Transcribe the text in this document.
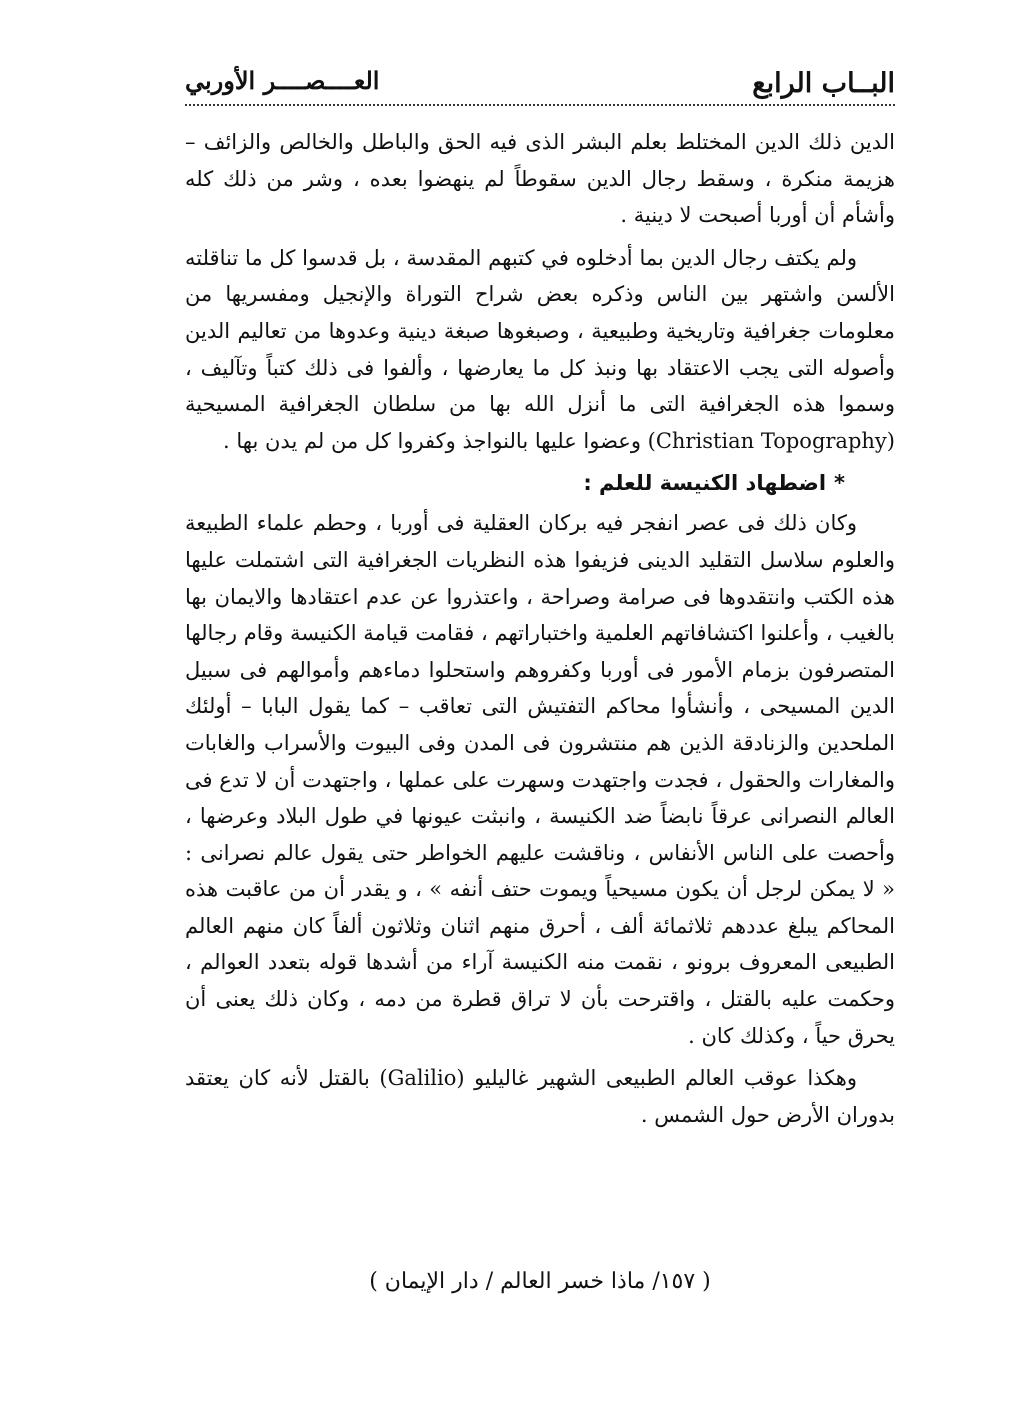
البــاب الرابع
العــــصــــر الأوربي

الدين ذلك الدين المختلط بعلم البشر الذى فيه الحق والباطل والخالص والزائف – هزيمة منكرة ، وسقط رجال الدين سقوطاً لم ينهضوا بعده ، وشر من ذلك كله وأشأم أن أوربا أصبحت لا دينية .

ولم يكتف رجال الدين بما أدخلوه في كتبهم المقدسة ، بل قدسوا كل ما تناقلته الألسن واشتهر بين الناس وذكره بعض شراح التوراة والإنجيل ومفسريها من معلومات جغرافية وتاريخية وطبيعية ، وصبغوها صبغة دينية وعدوها من تعاليم الدين وأصوله التى يجب الاعتقاد بها ونبذ كل ما يعارضها ، وألفوا فى ذلك كتباً وتآليف ، وسموا هذه الجغرافية التى ما أنزل الله بها من سلطان الجغرافية المسيحية (Christian Topography) وعضوا عليها بالنواجذ وكفروا كل من لم يدن بها .

*اضطهاد الكنيسة للعلم :

وكان ذلك فى عصر انفجر فيه بركان العقلية فى أوربا ، وحطم علماء الطبيعة والعلوم سلاسل التقليد الدينى فزيفوا هذه النظريات الجغرافية التى اشتملت عليها هذه الكتب وانتقدوها فى صرامة وصراحة ، واعتذروا عن عدم اعتقادها والايمان بها بالغيب ، وأعلنوا اكتشافاتهم العلمية واختباراتهم ، فقامت قيامة الكنيسة وقام رجالها المتصرفون بزمام الأمور فى أوربا وكفروهم واستحلوا دماءهم وأموالهم فى سبيل الدين المسيحى ، وأنشأوا محاكم التفتيش التى تعاقب – كما يقول البابا – أولئك الملحدين والزنادقة الذين هم منتشرون فى المدن وفى البيوت والأسراب والغابات والمغارات والحقول ، فجدت واجتهدت وسهرت على عملها ، واجتهدت أن لا تدع فى العالم النصرانى عرقاً نابضاً ضد الكنيسة ، وانبثت عيونها في طول البلاد وعرضها ، وأحصت على الناس الأنفاس ، وناقشت عليهم الخواطر حتى يقول عالم نصرانى : « لا يمكن لرجل أن يكون مسيحياً ويموت حتف أنفه » ، و يقدر أن من عاقبت هذه المحاكم يبلغ عددهم ثلاثمائة ألف ، أحرق منهم اثنان وثلاثون ألفاً كان منهم العالم الطبيعى المعروف برونو ، نقمت منه الكنيسة آراء من أشدها قوله بتعدد العوالم ، وحكمت عليه بالقتل ، واقترحت بأن لا تراق قطرة من دمه ، وكان ذلك يعنى أن يحرق حياً ، وكذلك كان .

وهكذا عوقب العالم الطبيعى الشهير غاليليو (Galilio) بالقتل لأنه كان يعتقد بدوران الأرض حول الشمس .

( ١٥٧/ ماذا خسر العالم / دار الإيمان )
